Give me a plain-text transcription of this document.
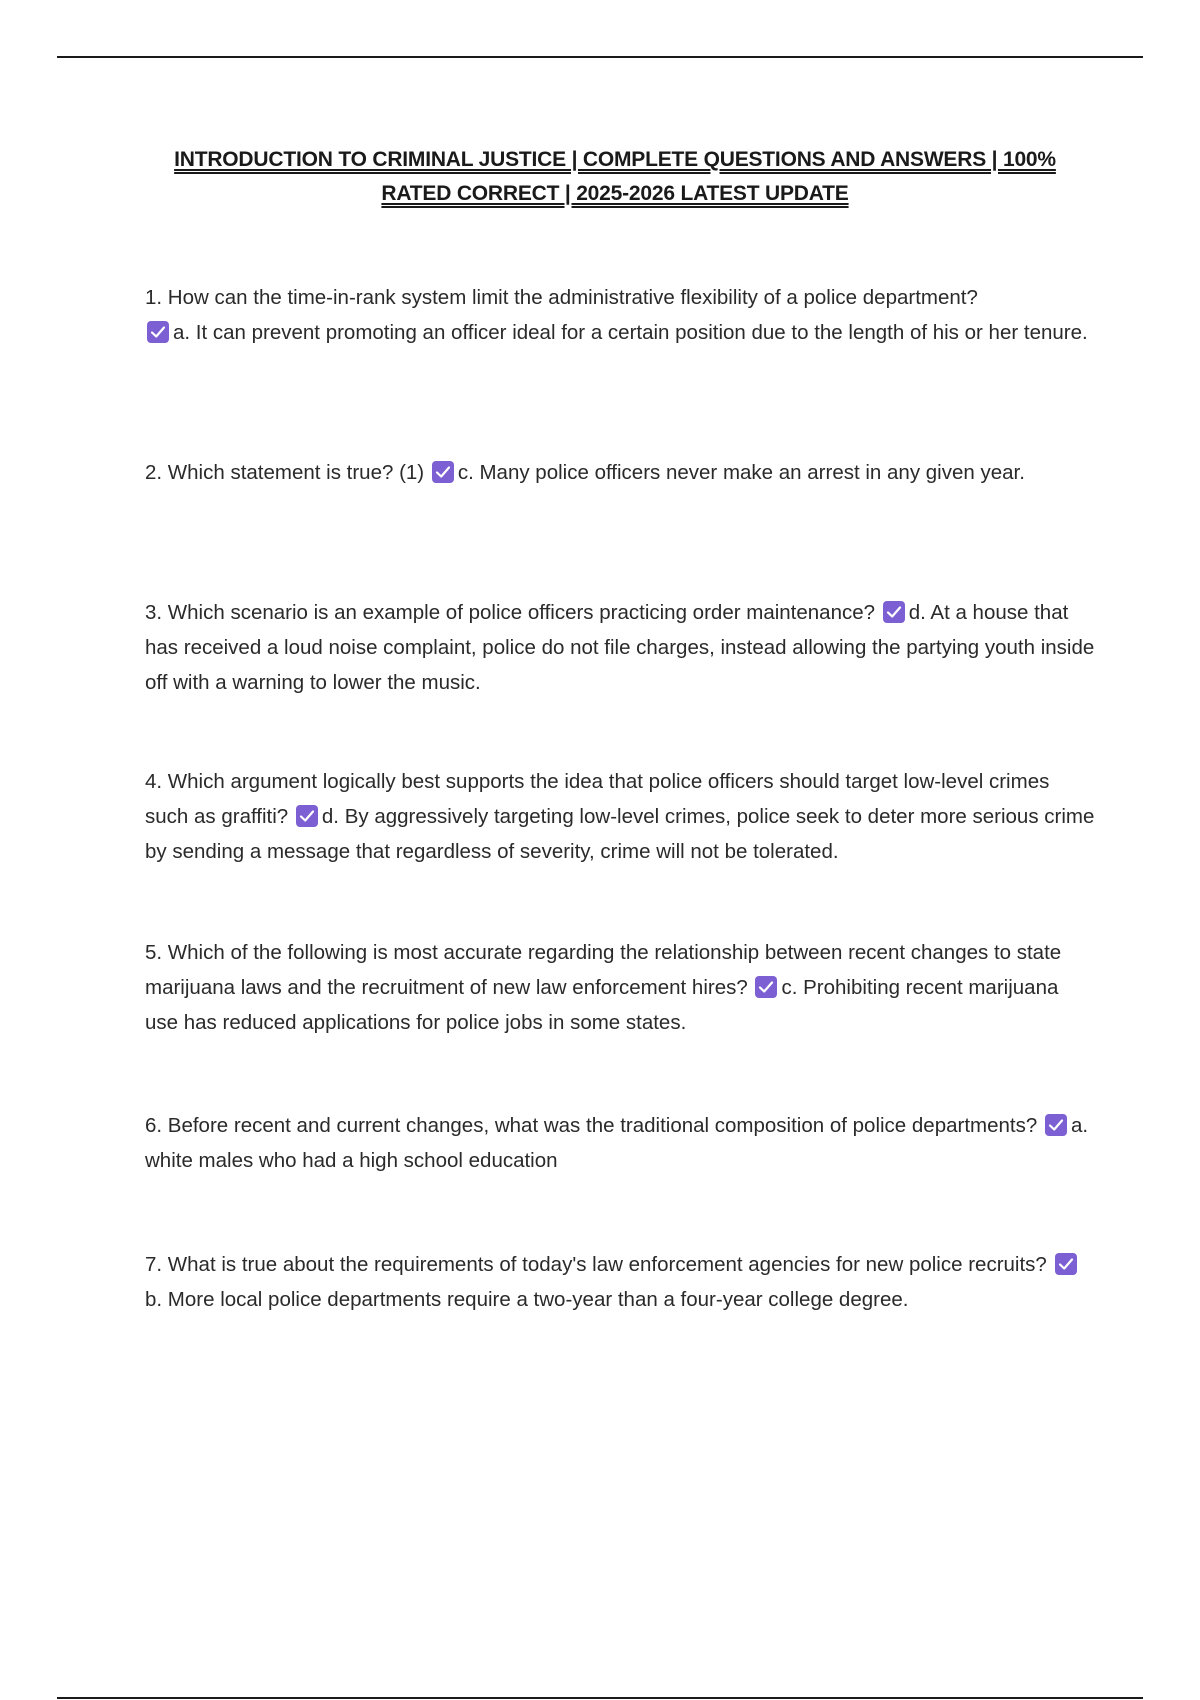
INTRODUCTION TO CRIMINAL JUSTICE | COMPLETE QUESTIONS AND ANSWERS | 100% RATED CORRECT | 2025-2026 LATEST UPDATE
1. How can the time-in-rank system limit the administrative flexibility of a police department?

a. It can prevent promoting an officer ideal for a certain position due to the length of his or her tenure.
2. Which statement is true? (1) c. Many police officers never make an arrest in any given year.
3. Which scenario is an example of police officers practicing order maintenance? d. At a house that has received a loud noise complaint, police do not file charges, instead allowing the partying youth inside off with a warning to lower the music.
4. Which argument logically best supports the idea that police officers should target low-level crimes such as graffiti? d. By aggressively targeting low-level crimes, police seek to deter more serious crime by sending a message that regardless of severity, crime will not be tolerated.
5. Which of the following is most accurate regarding the relationship between recent changes to state marijuana laws and the recruitment of new law enforcement hires? c. Prohibiting recent marijuana use has reduced applications for police jobs in some states.
6. Before recent and current changes, what was the traditional composition of police departments? a. white males who had a high school education
7. What is true about the requirements of today's law enforcement agencies for new police recruits?
b. More local police departments require a two-year than a four-year college degree.
